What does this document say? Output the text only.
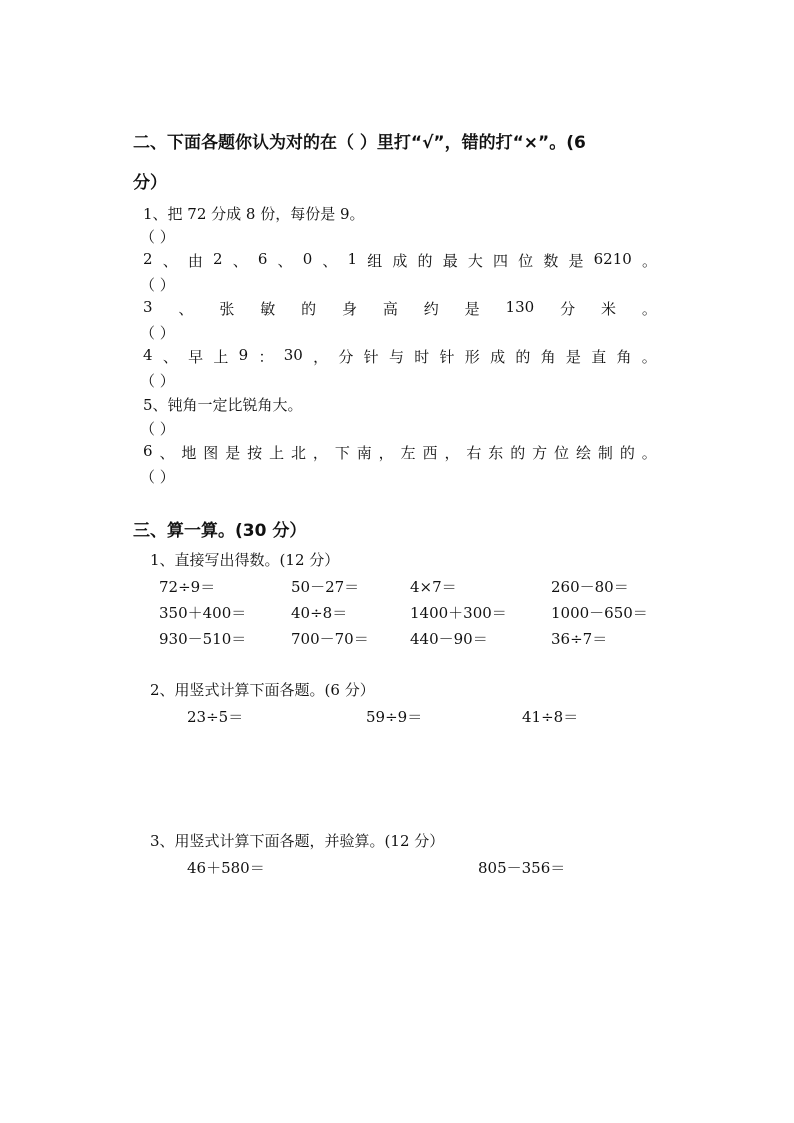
二、下面各题你认为对的在（ ）里打“√”，错的打“×”。(6
分）
1、把 72 分成 8 份，每份是 9。
（ ）
2 、 由 2 、 6 、 0 、 1 组 成 的 最 大 四 位 数 是 6210 。
（ ）
3 、 张 敏 的 身 高 约 是 130 分 米 。
（ ）
4 、 早 上 9 ： 30 ， 分 针 与 时 针 形 成 的 角 是 直 角 。
（ ）
5、钝角一定比锐角大。
（ ）
6 、 地 图 是 按 上 北 ， 下 南 ， 左 西 ， 右 东 的 方 位 绘 制 的 。
（ ）
三、算一算。(30 分）
1、直接写出得数。(12 分）
72÷9＝	50－27＝	4×7＝	260－80＝
350＋400＝	40÷8＝	1400＋300＝	1000－650＝
930－510＝	700－70＝	440－90＝	36÷7＝
2、用竖式计算下面各题。(6 分）
23÷5＝	59÷9＝	41÷8＝
3、用竖式计算下面各题，并验算。(12 分）
46＋580＝	805－356＝
